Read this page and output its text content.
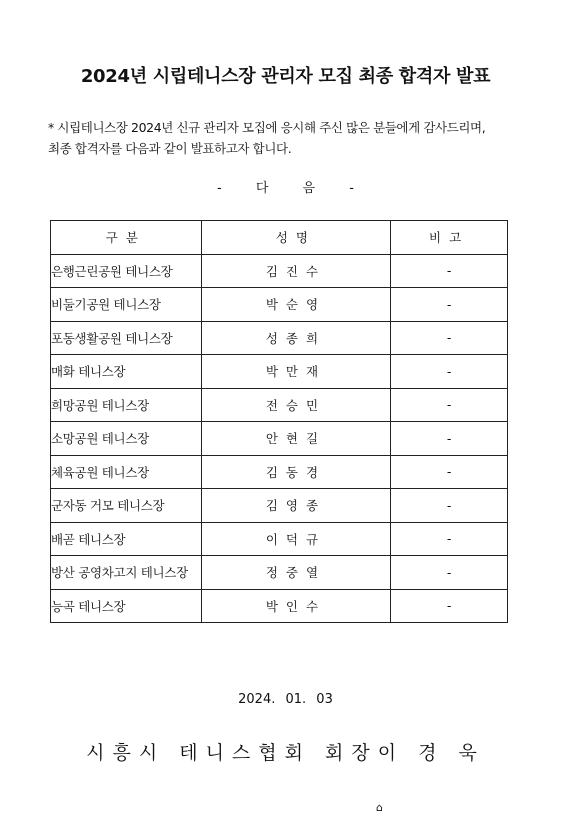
2024년 시립테니스장 관리자 모집 최종 합격자 발표
* 시립테니스장 2024년 신규 관리자 모집에 응시해 주신 많은 분들에게 감사드리며,
최종 합격자를 다음과 같이 발표하고자 합니다.
- 다 음 -
구분	성명	비고
은행근린공원 테니스장	김진수	-
비둘기공원 테니스장	박순영	-
포동생활공원 테니스장	성종희	-
매화 테니스장	박만재	-
희망공원 테니스장	전승민	-
소망공원 테니스장	안현길	-
체육공원 테니스장	김동경	-
군자동 거모 테니스장	김영종	-
배곧 테니스장	이덕규	-
방산 공영차고지 테니스장	정중열	-
능곡 테니스장	박인수	-
2024. 01. 03
시흥시 테니스협회 회장이 경 욱
⌂
